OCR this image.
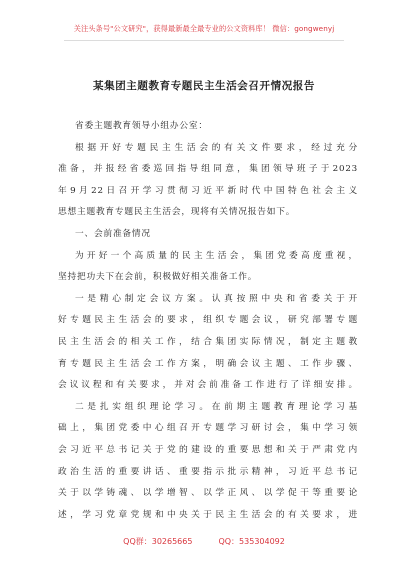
关注头条号"公文研究"，获得最新最全最专业的公文资料库！ 微信：gongwenyj
某集团主题教育专题民主生活会召开情况报告
省委主题教育领导小组办公室：
根据开好专题民主生活会的有关文件要求，经过充分
准备，并报经省委巡回指导组同意，集团领导班子于2023
年9月22日召开学习贯彻习近平新时代中国特色社会主义
思想主题教育专题民主生活会，现将有关情况报告如下。
一、会前准备情况
为开好一个高质量的民主生活会，集团党委高度重视，
坚持把功夫下在会前，积极做好相关准备工作。
一是精心制定会议方案。认真按照中央和省委关于开
好专题民主生活会的要求，组织专题会议，研究部署专题
民主生活会的相关工作，结合集团实际情况，制定主题教
育专题民主生活会工作方案，明确会议主题、工作步骤、
会议议程和有关要求，并对会前准备工作进行了详细安排。
二是扎实组织理论学习。在前期主题教育理论学习基
础上，集团党委中心组召开专题学习研讨会，集中学习领
会习近平总书记关于党的建设的重要思想和关于严肃党内
政治生活的重要讲话、重要指示批示精神，习近平总书记
关于以学铸魂、以学增智、以学正风、以学促干等重要论
述，学习党章党规和中央关于民主生活会的有关要求，进
QQ群：30265665	QQ：535304092
